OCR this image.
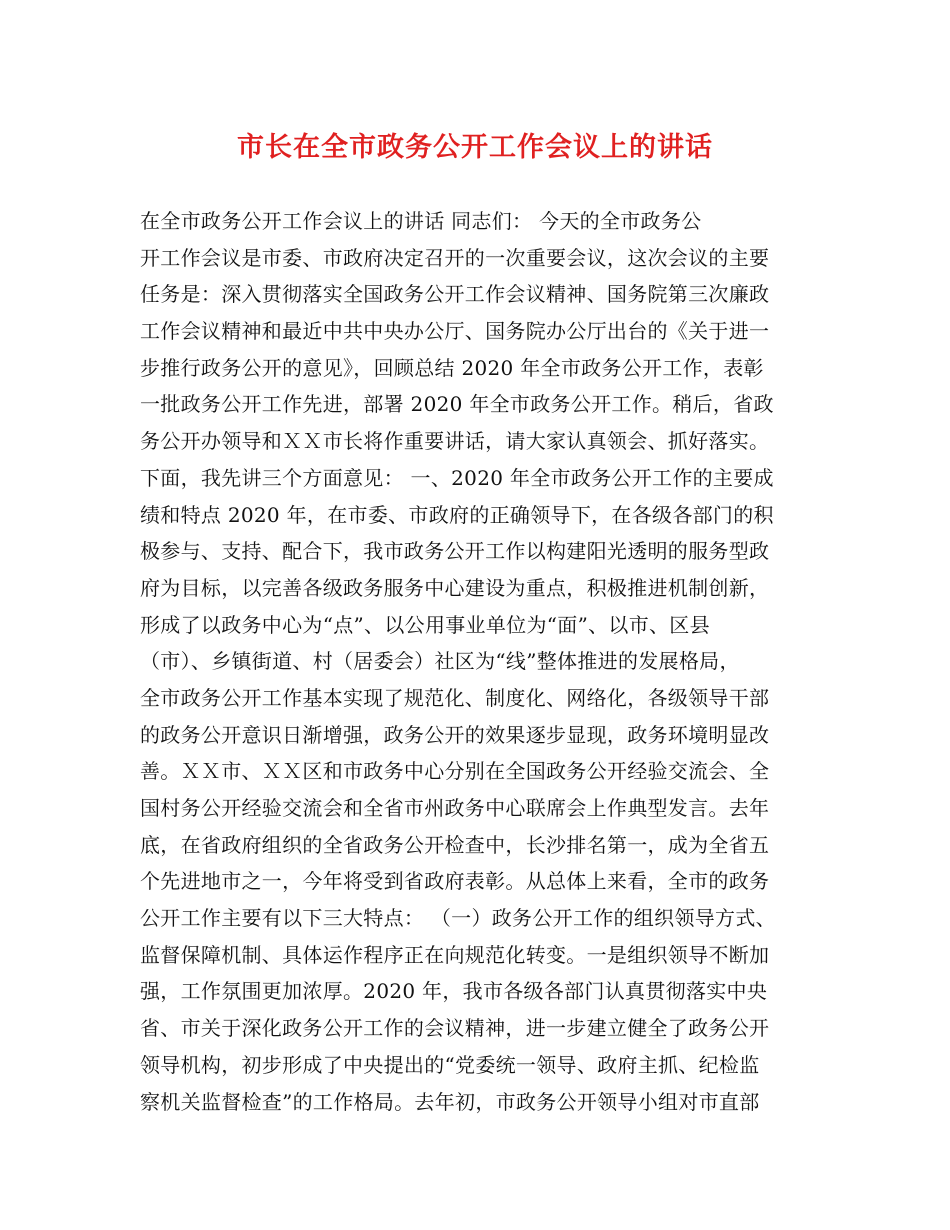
市长在全市政务公开工作会议上的讲话
在全市政务公开工作会议上的讲话 同志们： 今天的全市政务公
开工作会议是市委、市政府决定召开的一次重要会议，这次会议的主要
任务是：深入贯彻落实全国政务公开工作会议精神、国务院第三次廉政
工作会议精神和最近中共中央办公厅、国务院办公厅出台的《关于进一
步推行政务公开的意见》，回顾总结 2020 年全市政务公开工作，表彰
一批政务公开工作先进，部署 2020 年全市政务公开工作。稍后，省政
务公开办领导和ＸＸ市长将作重要讲话，请大家认真领会、抓好落实。
下面，我先讲三个方面意见： 一、2020 年全市政务公开工作的主要成
绩和特点 2020 年，在市委、市政府的正确领导下，在各级各部门的积
极参与、支持、配合下，我市政务公开工作以构建阳光透明的服务型政
府为目标，以完善各级政务服务中心建设为重点，积极推进机制创新，
形成了以政务中心为“点”、以公用事业单位为“面”、以市、区县
（市）、乡镇街道、村（居委会）社区为“线”整体推进的发展格局，
全市政务公开工作基本实现了规范化、制度化、网络化，各级领导干部
的政务公开意识日渐增强，政务公开的效果逐步显现，政务环境明显改
善。ＸＸ市、ＸＸ区和市政务中心分别在全国政务公开经验交流会、全
国村务公开经验交流会和全省市州政务中心联席会上作典型发言。去年
底，在省政府组织的全省政务公开检查中，长沙排名第一，成为全省五
个先进地市之一，今年将受到省政府表彰。从总体上来看，全市的政务
公开工作主要有以下三大特点： （一）政务公开工作的组织领导方式、
监督保障机制、具体运作程序正在向规范化转变。一是组织领导不断加
强，工作氛围更加浓厚。2020 年，我市各级各部门认真贯彻落实中央
省、市关于深化政务公开工作的会议精神，进一步建立健全了政务公开
领导机构，初步形成了中央提出的“党委统一领导、政府主抓、纪检监
察机关监督检查”的工作格局。去年初，市政务公开领导小组对市直部
